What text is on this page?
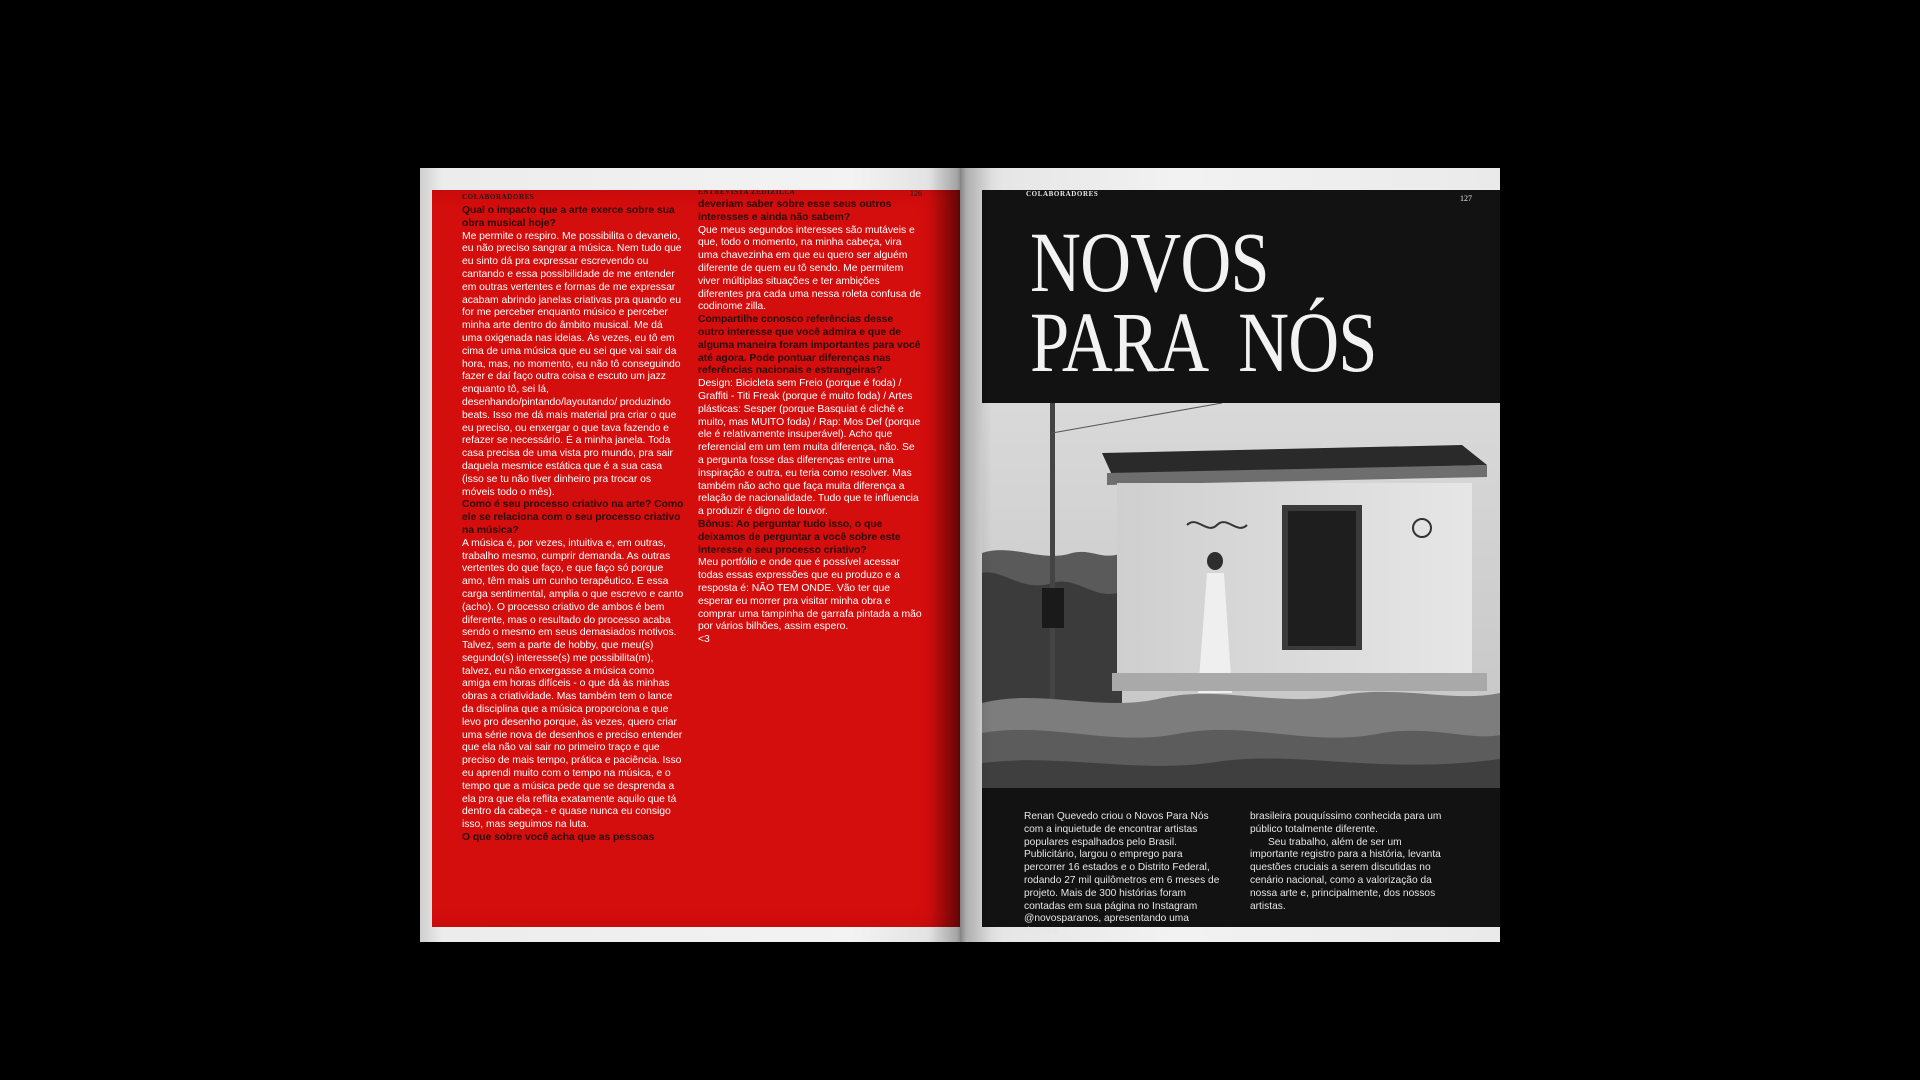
COLABORADORES
ENTREVISTA ZEDIZILLA	126

Qual o impacto que a arte exerce sobre sua obra musical hoje?

Me permite o respiro. Me possibilita o devaneio, eu não preciso sangrar a música. Nem tudo que eu sinto dá pra expressar escrevendo ou cantando e essa possibilidade de me entender em outras vertentes e formas de me expressar acabam abrindo janelas criativas pra quando eu for me perceber enquanto músico e perceber minha arte dentro do âmbito musical. Me dá uma oxigenada nas ideias. Às vezes, eu tô em cima de uma música que eu sei que vai sair da hora, mas, no momento, eu não tô conseguindo fazer e daí faço outra coisa e escuto um jazz enquanto tô, sei lá, desenhando/pintando/layoutando/ produzindo beats. Isso me dá mais material pra criar o que eu preciso, ou enxergar o que tava fazendo e refazer se necessário. É a minha janela. Toda casa precisa de uma vista pro mundo, pra sair daquela mesmice estática que é a sua casa (isso se tu não tiver dinheiro pra trocar os móveis todo o mês).

Como é seu processo criativo na arte? Como ele se relaciona com o seu processo criativo na música?

A música é, por vezes, intuitiva e, em outras, trabalho mesmo, cumprir demanda. As outras vertentes do que faço, e que faço só porque amo, têm mais um cunho terapêutico. E essa carga sentimental, amplia o que escrevo e canto (acho). O processo criativo de ambos é bem diferente, mas o resultado do processo acaba sendo o mesmo em seus demasiados motivos. Talvez, sem a parte de hobby, que meu(s) segundo(s) interesse(s) me possibilita(m), talvez, eu não enxergasse a música como amiga em horas difíceis - o que dá às minhas obras a criatividade. Mas também tem o lance da disciplina que a música proporciona e que levo pro desenho porque, às vezes, quero criar uma série nova de desenhos e preciso entender que ela não vai sair no primeiro traço e que preciso de mais tempo, prática e paciência. Isso eu aprendi muito com o tempo na música, e o tempo que a música pede que se desprenda a ela pra que ela reflita exatamente aquilo que tá dentro da cabeça - e quase nunca eu consigo isso, mas seguimos na luta.

O que sobre você acha que as pessoas

deveriam saber sobre esse seus outros interesses e ainda não sabem?

Que meus segundos interesses são mutáveis e que, todo o momento, na minha cabeça, vira uma chavezinha em que eu quero ser alguém diferente de quem eu tô sendo. Me permitem viver múltiplas situações e ter ambições diferentes pra cada uma nessa roleta confusa de codinome zilla.

Compartilhe conosco referências desse outro interesse que você admira e que de alguma maneira foram importantes para você até agora. Pode pontuar diferenças nas referências nacionais e estrangeiras?

Design: Bicicleta sem Freio (porque é foda) / Graffiti - Titi Freak (porque é muito foda) / Artes plásticas: Sesper (porque Basquiat é clichê e muito, mas MUITO foda) / Rap: Mos Def (porque ele é relativamente insuperável). Acho que referencial em um tem muita diferença, não. Se a pergunta fosse das diferenças entre uma inspiração e outra, eu teria como resolver. Mas também não acho que faça muita diferença a relação de nacionalidade. Tudo que te influencia a produzir é digno de louvor.

Bônus: Ao perguntar tudo isso, o que deixamos de perguntar a você sobre este interesse e seu processo criativo?

Meu portfólio e onde que é possível acessar todas essas expressões que eu produzo e a resposta é: NÃO TEM ONDE. Vão ter que esperar eu morrer pra visitar minha obra e comprar uma tampinha de garrafa pintada a mão por vários bilhões, assim espero.
<3

COLABORADORES	127
NOVOS
PARA  NÓS

Renan Quevedo criou o Novos Para Nós com a inquietude de encontrar artistas populares espalhados pelo Brasil. Publicitário, largou o emprego para percorrer 16 estados e o Distrito Federal, rodando 27 mil quilômetros em 6 meses de projeto. Mais de 300 histórias foram contadas em sua página no Instagram @novosparanos, apresentando uma riqueza

brasileira pouquíssimo conhecida para um público totalmente diferente.

Seu trabalho, além de ser um importante registro para a história, levanta questões cruciais a serem discutidas no cenário nacional, como a valorização da nossa arte e, principalmente, dos nossos artistas.
